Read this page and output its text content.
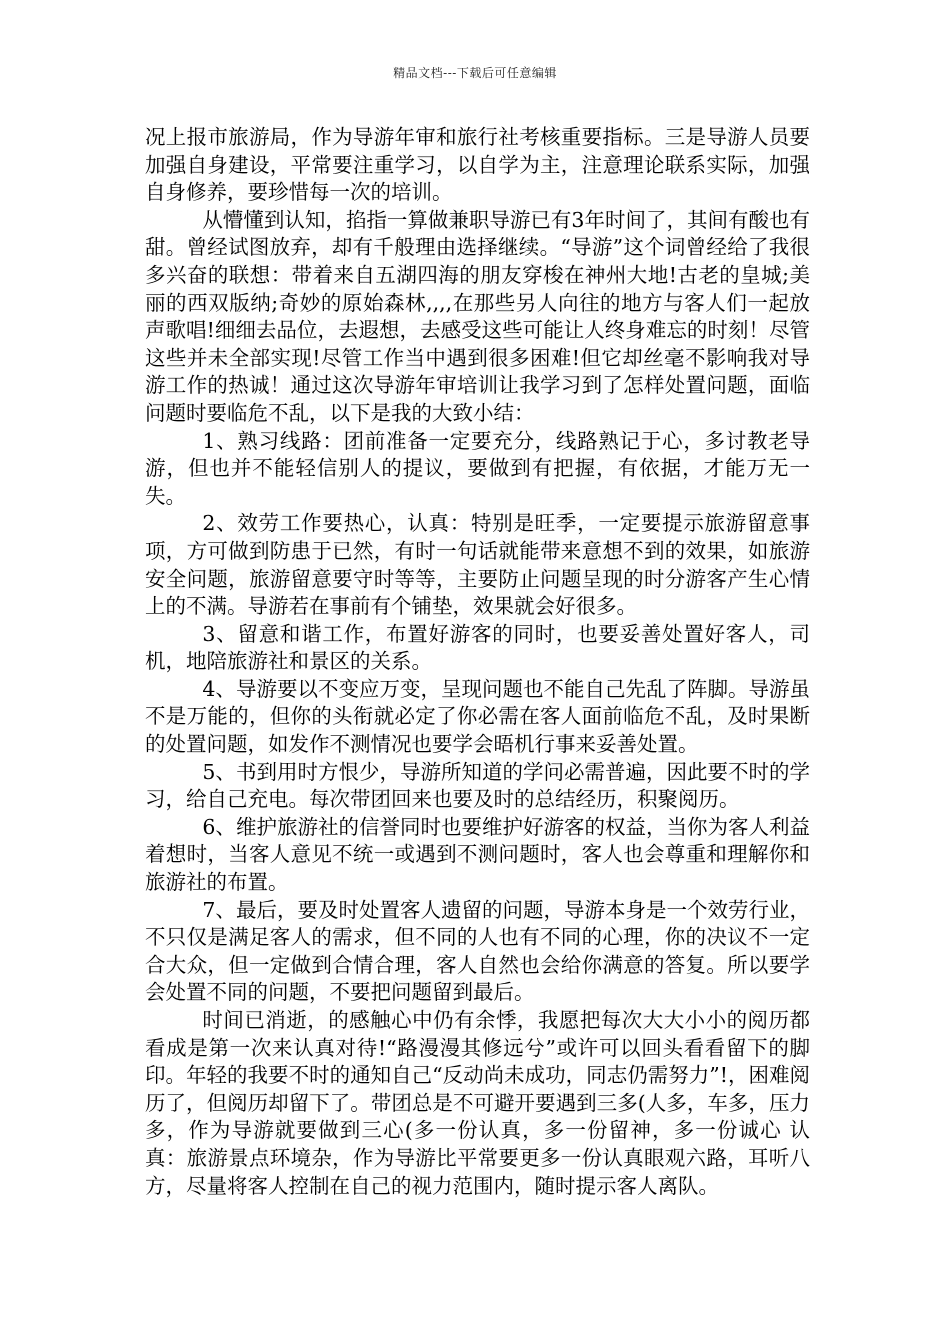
精品文档---下载后可任意编辑

况上报市旅游局，作为导游年审和旅行社考核重要指标。三是导游人员要加强自身建设，平常要注重学习，以自学为主，注意理论联系实际，加强自身修养，要珍惜每一次的培训。

从懵懂到认知，掐指一算做兼职导游已有3年时间了，其间有酸也有甜。曾经试图放弃，却有千般理由选择继续。“导游”这个词曾经给了我很多兴奋的联想：带着来自五湖四海的朋友穿梭在神州大地!古老的皇城;美丽的西双版纳;奇妙的原始森林,,,,在那些另人向往的地方与客人们一起放声歌唱!细细去品位，去遐想，去感受这些可能让人终身难忘的时刻！尽管这些并未全部实现!尽管工作当中遇到很多困难!但它却丝毫不影响我对导游工作的热诚！通过这次导游年审培训让我学习到了怎样处置问题，面临问题时要临危不乱，以下是我的大致小结：

1、熟习线路：团前准备一定要充分，线路熟记于心，多讨教老导游，但也并不能轻信别人的提议，要做到有把握，有依据，才能万无一失。

2、效劳工作要热心，认真：特别是旺季，一定要提示旅游留意事项，方可做到防患于已然，有时一句话就能带来意想不到的效果，如旅游安全问题，旅游留意要守时等等，主要防止问题呈现的时分游客产生心情上的不满。导游若在事前有个铺垫，效果就会好很多。

3、留意和谐工作，布置好游客的同时，也要妥善处置好客人，司机，地陪旅游社和景区的关系。

4、导游要以不变应万变，呈现问题也不能自己先乱了阵脚。导游虽不是万能的，但你的头衔就必定了你必需在客人面前临危不乱，及时果断的处置问题，如发作不测情况也要学会晤机行事来妥善处置。

5、书到用时方恨少，导游所知道的学问必需普遍，因此要不时的学习，给自己充电。每次带团回来也要及时的总结经历，积聚阅历。

6、维护旅游社的信誉同时也要维护好游客的权益，当你为客人利益着想时，当客人意见不统一或遇到不测问题时，客人也会尊重和理解你和旅游社的布置。

7、最后，要及时处置客人遗留的问题，导游本身是一个效劳行业，不只仅是满足客人的需求，但不同的人也有不同的心理，你的决议不一定合大众，但一定做到合情合理，客人自然也会给你满意的答复。所以要学会处置不同的问题，不要把问题留到最后。

时间已消逝，的感触心中仍有余悸，我愿把每次大大小小的阅历都看成是第一次来认真对待!“路漫漫其修远兮”或许可以回头看看留下的脚印。年轻的我要不时的通知自己“反动尚未成功，同志仍需努力”!，困难阅历了，但阅历却留下了。带团总是不可避开要遇到三多(人多，车多，压力多，作为导游就要做到三心(多一份认真，多一份留神，多一份诚心 认真：旅游景点环境杂，作为导游比平常要更多一份认真眼观六路，耳听八方，尽量将客人控制在自己的视力范围内，随时提示客人离队。
